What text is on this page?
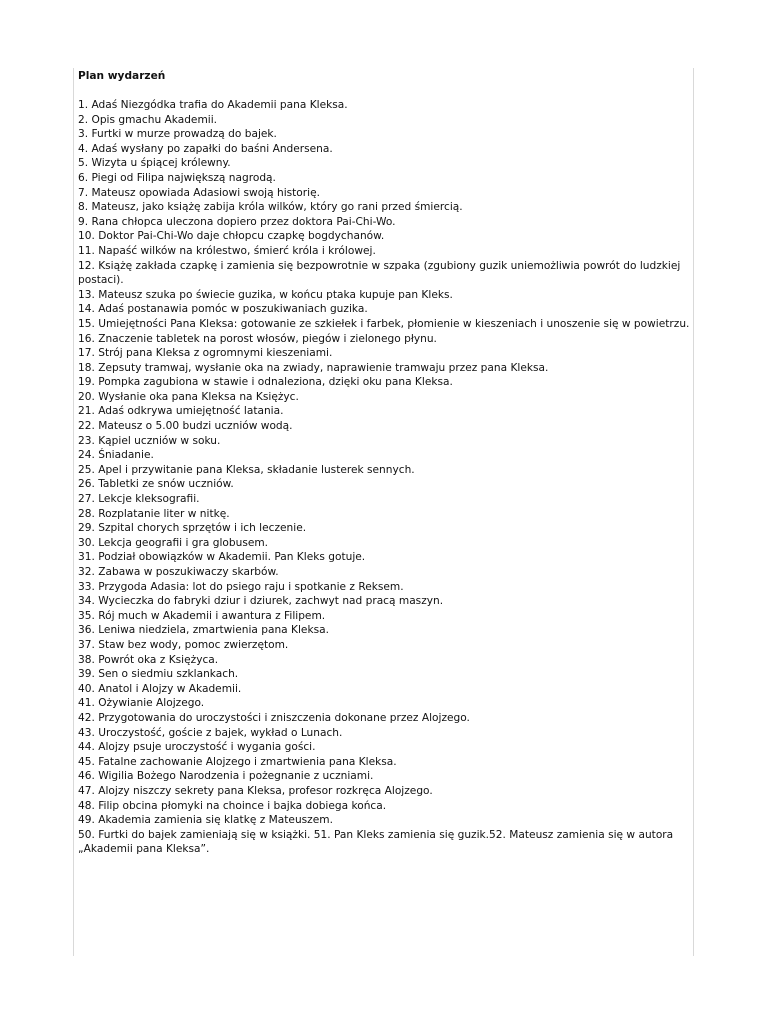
Plan wydarzeń

1. Adaś Niezgódka trafia do Akademii pana Kleksa.
2. Opis gmachu Akademii.
3. Furtki w murze prowadzą do bajek.
4. Adaś wysłany po zapałki do baśni Andersena.
5. Wizyta u śpiącej królewny.
6. Piegi od Filipa największą nagrodą.
7. Mateusz opowiada Adasiowi swoją historię.
8. Mateusz, jako książę zabija króla wilków, który go rani przed śmiercią.
9. Rana chłopca uleczona dopiero przez doktora Pai-Chi-Wo.
10. Doktor Pai-Chi-Wo daje chłopcu czapkę bogdychanów.
11. Napaść wilków na królestwo, śmierć króla i królowej.
12. Książę zakłada czapkę i zamienia się bezpowrotnie w szpaka (zgubiony guzik uniemożliwia powrót do ludzkiej postaci).
13. Mateusz szuka po świecie guzika, w końcu ptaka kupuje pan Kleks.
14. Adaś postanawia pomóc w poszukiwaniach guzika.
15. Umiejętności Pana Kleksa: gotowanie ze szkiełek i farbek, płomienie w kieszeniach i unoszenie się w powietrzu.
16. Znaczenie tabletek na porost włosów, piegów i zielonego płynu.
17. Strój pana Kleksa z ogromnymi kieszeniami.
18. Zepsuty tramwaj, wysłanie oka na zwiady, naprawienie tramwaju przez pana Kleksa.
19. Pompka zagubiona w stawie i odnaleziona, dzięki oku pana Kleksa.
20. Wysłanie oka pana Kleksa na Księżyc.
21. Adaś odkrywa umiejętność latania.
22. Mateusz o 5.00 budzi uczniów wodą.
23. Kąpiel uczniów w soku.
24. Śniadanie.
25. Apel i przywitanie pana Kleksa, składanie lusterek sennych.
26. Tabletki ze snów uczniów.
27. Lekcje kleksografii.
28. Rozplatanie liter w nitkę.
29. Szpital chorych sprzętów i ich leczenie.
30. Lekcja geografii i gra globusem.
31. Podział obowiązków w Akademii. Pan Kleks gotuje.
32. Zabawa w poszukiwaczy skarbów.
33. Przygoda Adasia: lot do psiego raju i spotkanie z Reksem.
34. Wycieczka do fabryki dziur i dziurek, zachwyt nad pracą maszyn.
35. Rój much w Akademii i awantura z Filipem.
36. Leniwa niedziela, zmartwienia pana Kleksa.
37. Staw bez wody, pomoc zwierzętom.
38. Powrót oka z Księżyca.
39. Sen o siedmiu szklankach.
40. Anatol i Alojzy w Akademii.
41. Ożywianie Alojzego.
42. Przygotowania do uroczystości i zniszczenia dokonane przez Alojzego.
43. Uroczystość, goście z bajek, wykład o Lunach.
44. Alojzy psuje uroczystość i wygania gości.
45. Fatalne zachowanie Alojzego i zmartwienia pana Kleksa.
46. Wigilia Bożego Narodzenia i pożegnanie z uczniami.
47. Alojzy niszczy sekrety pana Kleksa, profesor rozkręca Alojzego.
48. Filip obcina płomyki na choince i bajka dobiega końca.
49. Akademia zamienia się klatkę z Mateuszem.
50. Furtki do bajek zamieniają się w książki. 51. Pan Kleks zamienia się guzik.52. Mateusz zamienia się w autora „Akademii pana Kleksa”.
